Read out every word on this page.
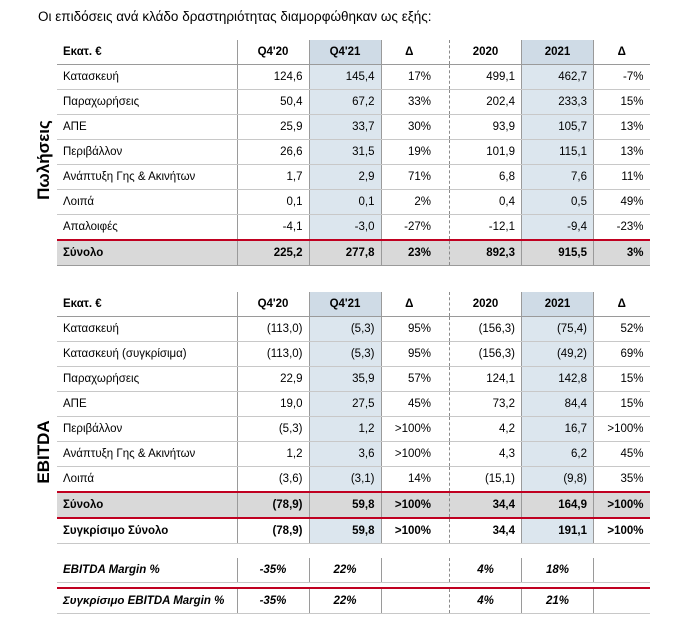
Οι επιδόσεις ανά κλάδο δραστηριότητας διαμορφώθηκαν ως εξής:
Πωλήσεις
EBITDA
Εκατ. €	Q4'20	Q4'21	Δ		2020	2021	Δ
Κατασκευή	124,6	145,4	17%		499,1	462,7	-7%
Παραχωρήσεις	50,4	67,2	33%		202,4	233,3	15%
ΑΠΕ	25,9	33,7	30%		93,9	105,7	13%
Περιβάλλον	26,6	31,5	19%		101,9	115,1	13%
Ανάπτυξη Γης & Ακινήτων	1,7	2,9	71%		6,8	7,6	11%
Λοιπά	0,1	0,1	2%		0,4	0,5	49%
Απαλοιφές	-4,1	-3,0	-27%		-12,1	-9,4	-23%
Σύνολο	225,2	277,8	23%		892,3	915,5	3%
Εκατ. €	Q4'20	Q4'21	Δ		2020	2021	Δ
Κατασκευή	(113,0)	(5,3)	95%		(156,3)	(75,4)	52%
Κατασκευή (συγκρίσιμα)	(113,0)	(5,3)	95%		(156,3)	(49,2)	69%
Παραχωρήσεις	22,9	35,9	57%		124,1	142,8	15%
ΑΠΕ	19,0	27,5	45%		73,2	84,4	15%
Περιβάλλον	(5,3)	1,2	>100%		4,2	16,7	>100%
Ανάπτυξη Γης & Ακινήτων	1,2	3,6	>100%		4,3	6,2	45%
Λοιπά	(3,6)	(3,1)	14%		(15,1)	(9,8)	35%
Σύνολο	(78,9)	59,8	>100%		34,4	164,9	>100%
Συγκρίσιμο Σύνολο	(78,9)	59,8	>100%		34,4	191,1	>100%
EBITDA Margin %	-35%	22%			4%	18%	

Συγκρίσιμο EBITDA Margin %	-35%	22%			4%	21%	
